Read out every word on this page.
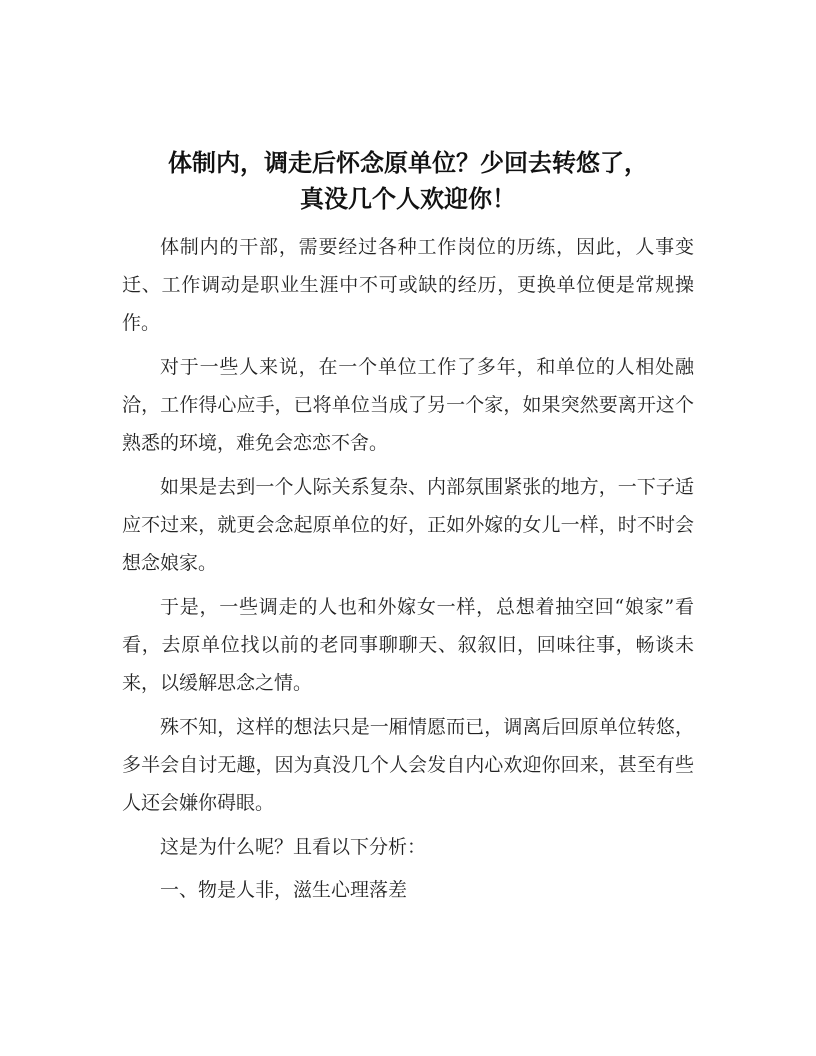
体制内，调走后怀念原单位？少回去转悠了，
真没几个人欢迎你！

体制内的干部，需要经过各种工作岗位的历练，因此，人事变迁、工作调动是职业生涯中不可或缺的经历，更换单位便是常规操作。

对于一些人来说，在一个单位工作了多年，和单位的人相处融洽，工作得心应手，已将单位当成了另一个家，如果突然要离开这个熟悉的环境，难免会恋恋不舍。

如果是去到一个人际关系复杂、内部氛围紧张的地方，一下子适应不过来，就更会念起原单位的好，正如外嫁的女儿一样，时不时会想念娘家。

于是，一些调走的人也和外嫁女一样，总想着抽空回“娘家”看看，去原单位找以前的老同事聊聊天、叙叙旧，回味往事，畅谈未来，以缓解思念之情。

殊不知，这样的想法只是一厢情愿而已，调离后回原单位转悠，多半会自讨无趣，因为真没几个人会发自内心欢迎你回来，甚至有些人还会嫌你碍眼。

这是为什么呢？且看以下分析：

一、物是人非，滋生心理落差
